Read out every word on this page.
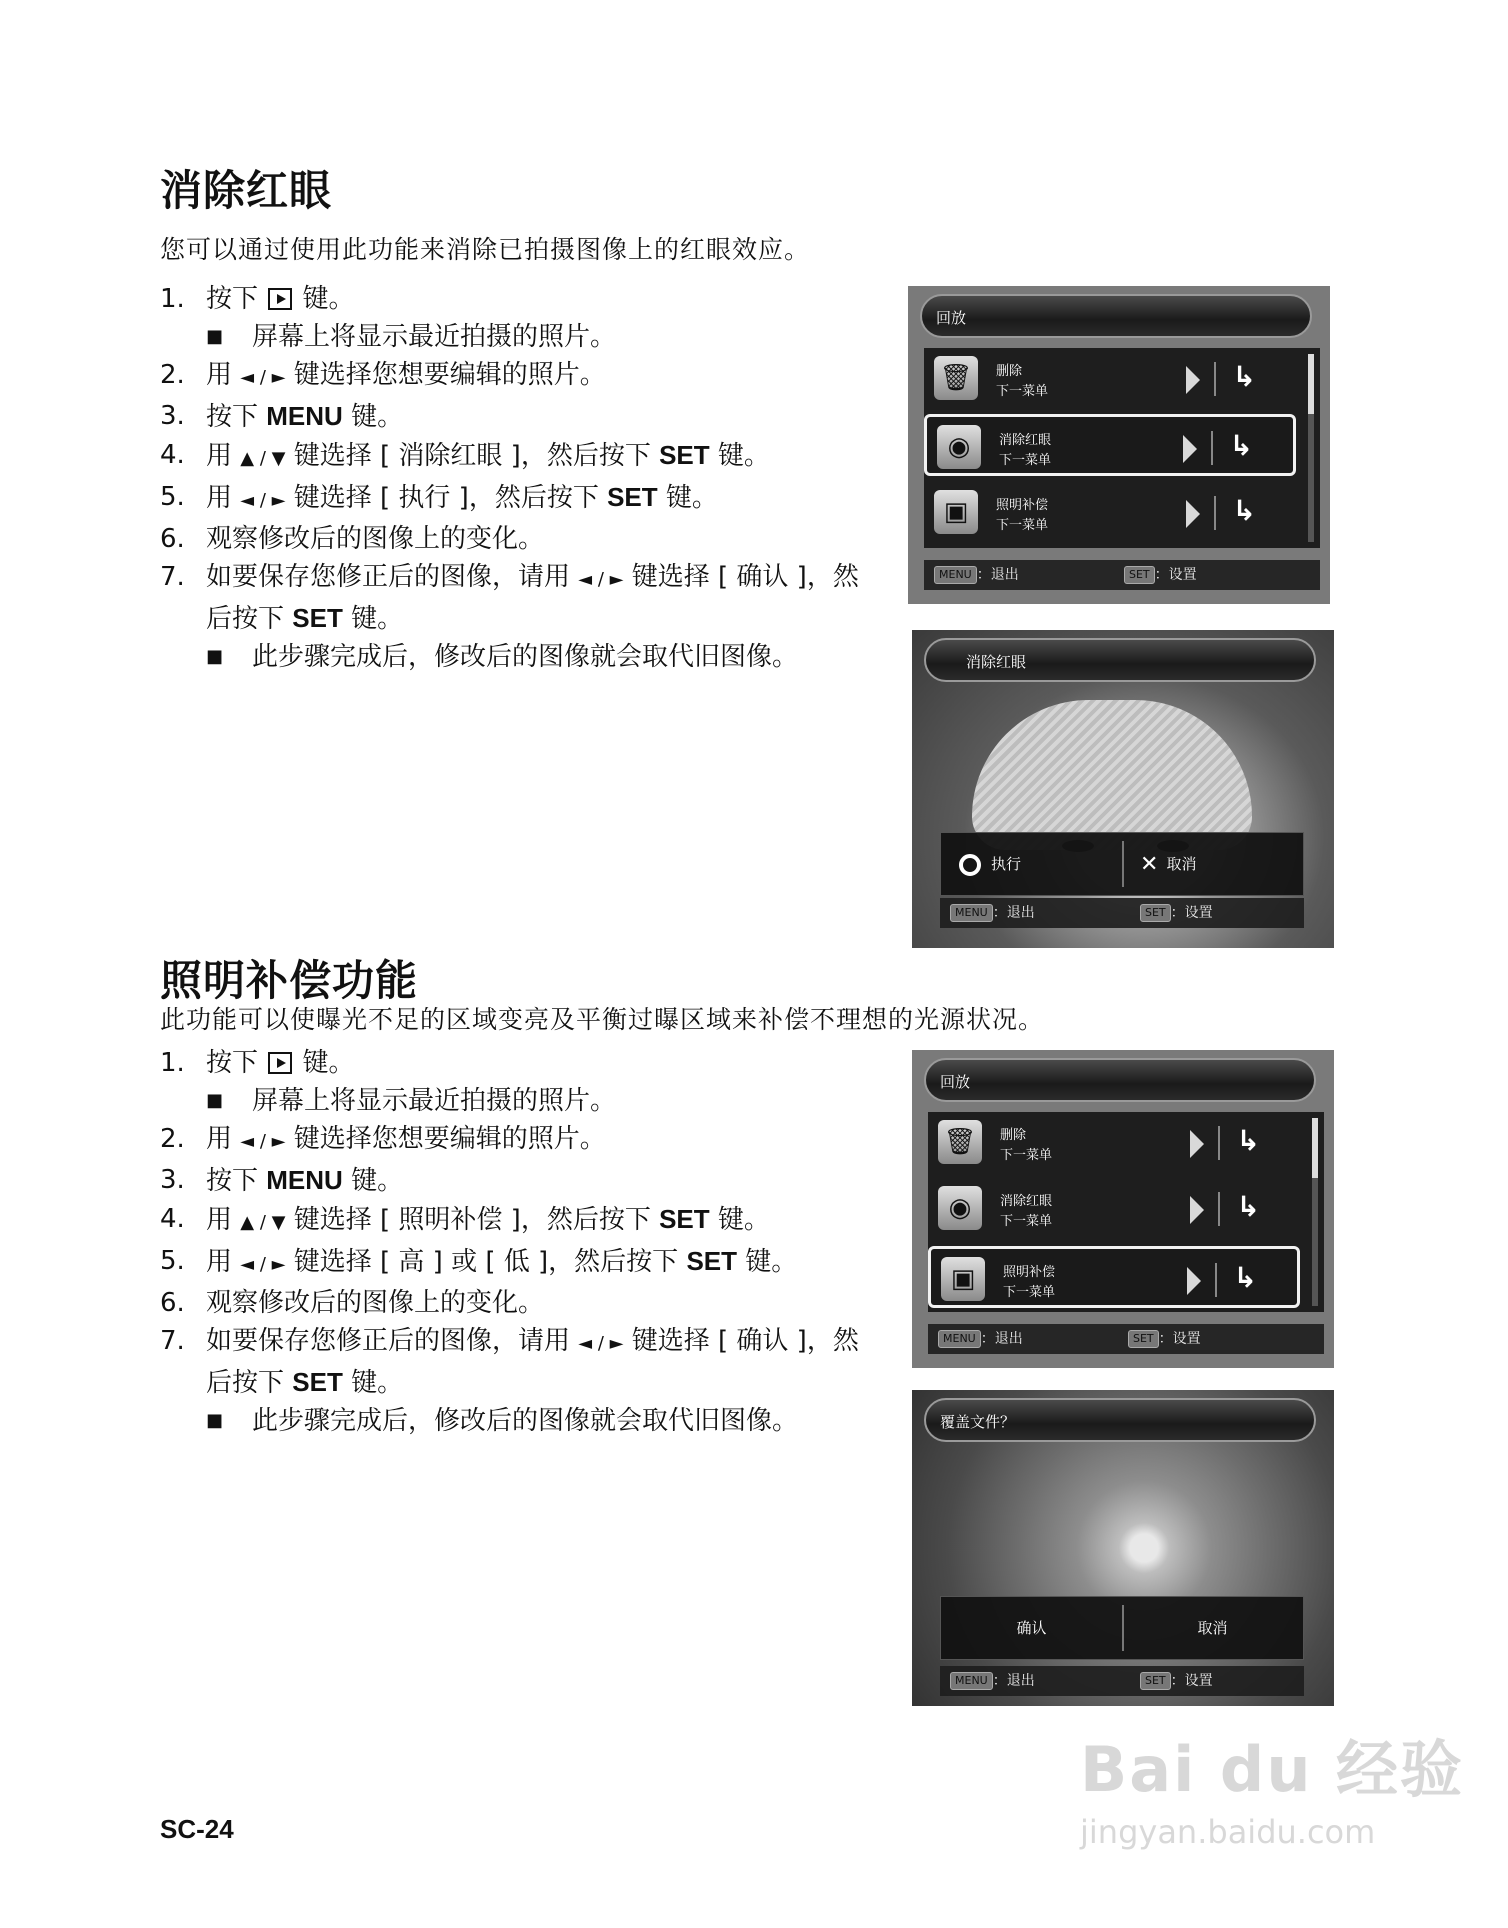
消除红眼

您可以通过使用此功能来消除已拍摄图像上的红眼效应。

1. 按下  键。
■	屏幕上将显示最近拍摄的照片。
2. 用 ◄ / ► 键选择您想要编辑的照片。
3. 按下 MENU 键。
4. 用 ▲ / ▼ 键选择 [ 消除红眼 ]，然后按下 SET 键。
5. 用 ◄ / ► 键选择 [ 执行 ]，然后按下 SET 键。
6. 观察修改后的图像上的变化。
7. 如要保存您修正后的图像，请用 ◄ / ► 键选择 [ 确认 ]，然后按下 SET 键。
■	此步骤完成后，修改后的图像就会取代旧图像。
回放
🗑	删除
下一菜单	↳
◉	消除红眼
下一菜单	↳
▣	照明补偿
下一菜单	↳
MENU ：退出	SET ：设置
消除红眼
执行	✕ 取消
MENU ：退出	SET ：设置
照明补偿功能

此功能可以使曝光不足的区域变亮及平衡过曝区域来补偿不理想的光源状况。

1. 按下  键。
■	屏幕上将显示最近拍摄的照片。
2. 用 ◄ / ► 键选择您想要编辑的照片。
3. 按下 MENU 键。
4. 用 ▲ / ▼ 键选择 [ 照明补偿 ]，然后按下 SET 键。
5. 用 ◄ / ► 键选择 [ 高 ] 或 [ 低 ]，然后按下 SET 键。
6. 观察修改后的图像上的变化。
7. 如要保存您修正后的图像，请用 ◄ / ► 键选择 [ 确认 ]，然后按下 SET 键。
■	此步骤完成后，修改后的图像就会取代旧图像。
回放
🗑	删除
下一菜单	↳
◉	消除红眼
下一菜单	↳
▣	照明补偿
下一菜单	↳
MENU ：退出	SET ：设置
覆盖文件？
确认	取消
MENU ：退出	SET ：设置
SC-24
Bai du 经验
jingyan.baidu.com
